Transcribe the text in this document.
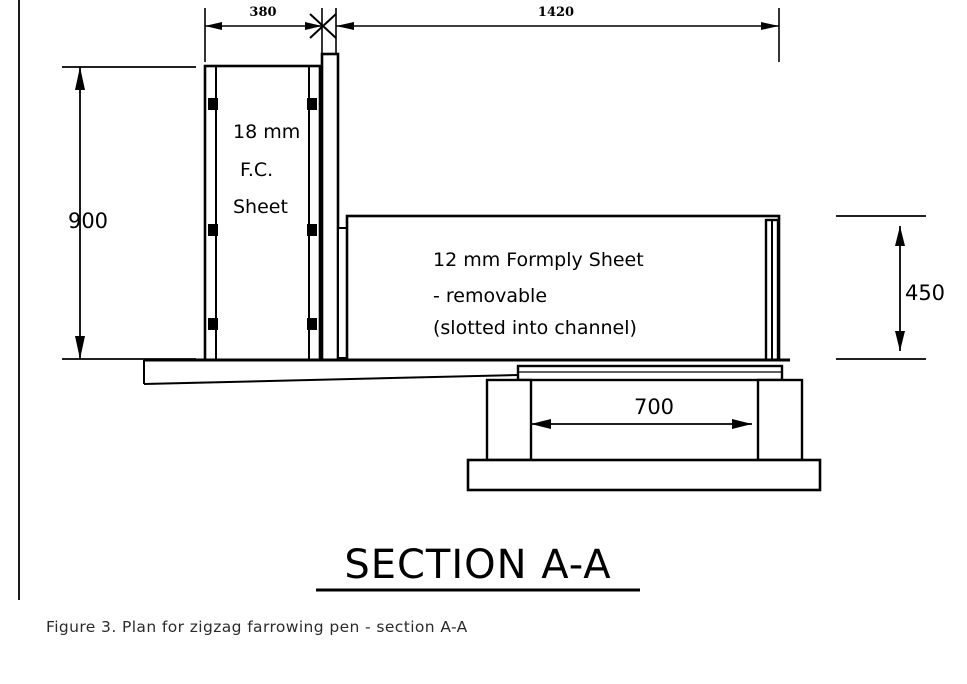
380	1420
900
450
700
18 mm
F.C.
Sheet
12 mm Formply Sheet
- removable
(slotted into channel)
SECTION A-A
Figure 3. Plan for zigzag farrowing pen - section A-A
